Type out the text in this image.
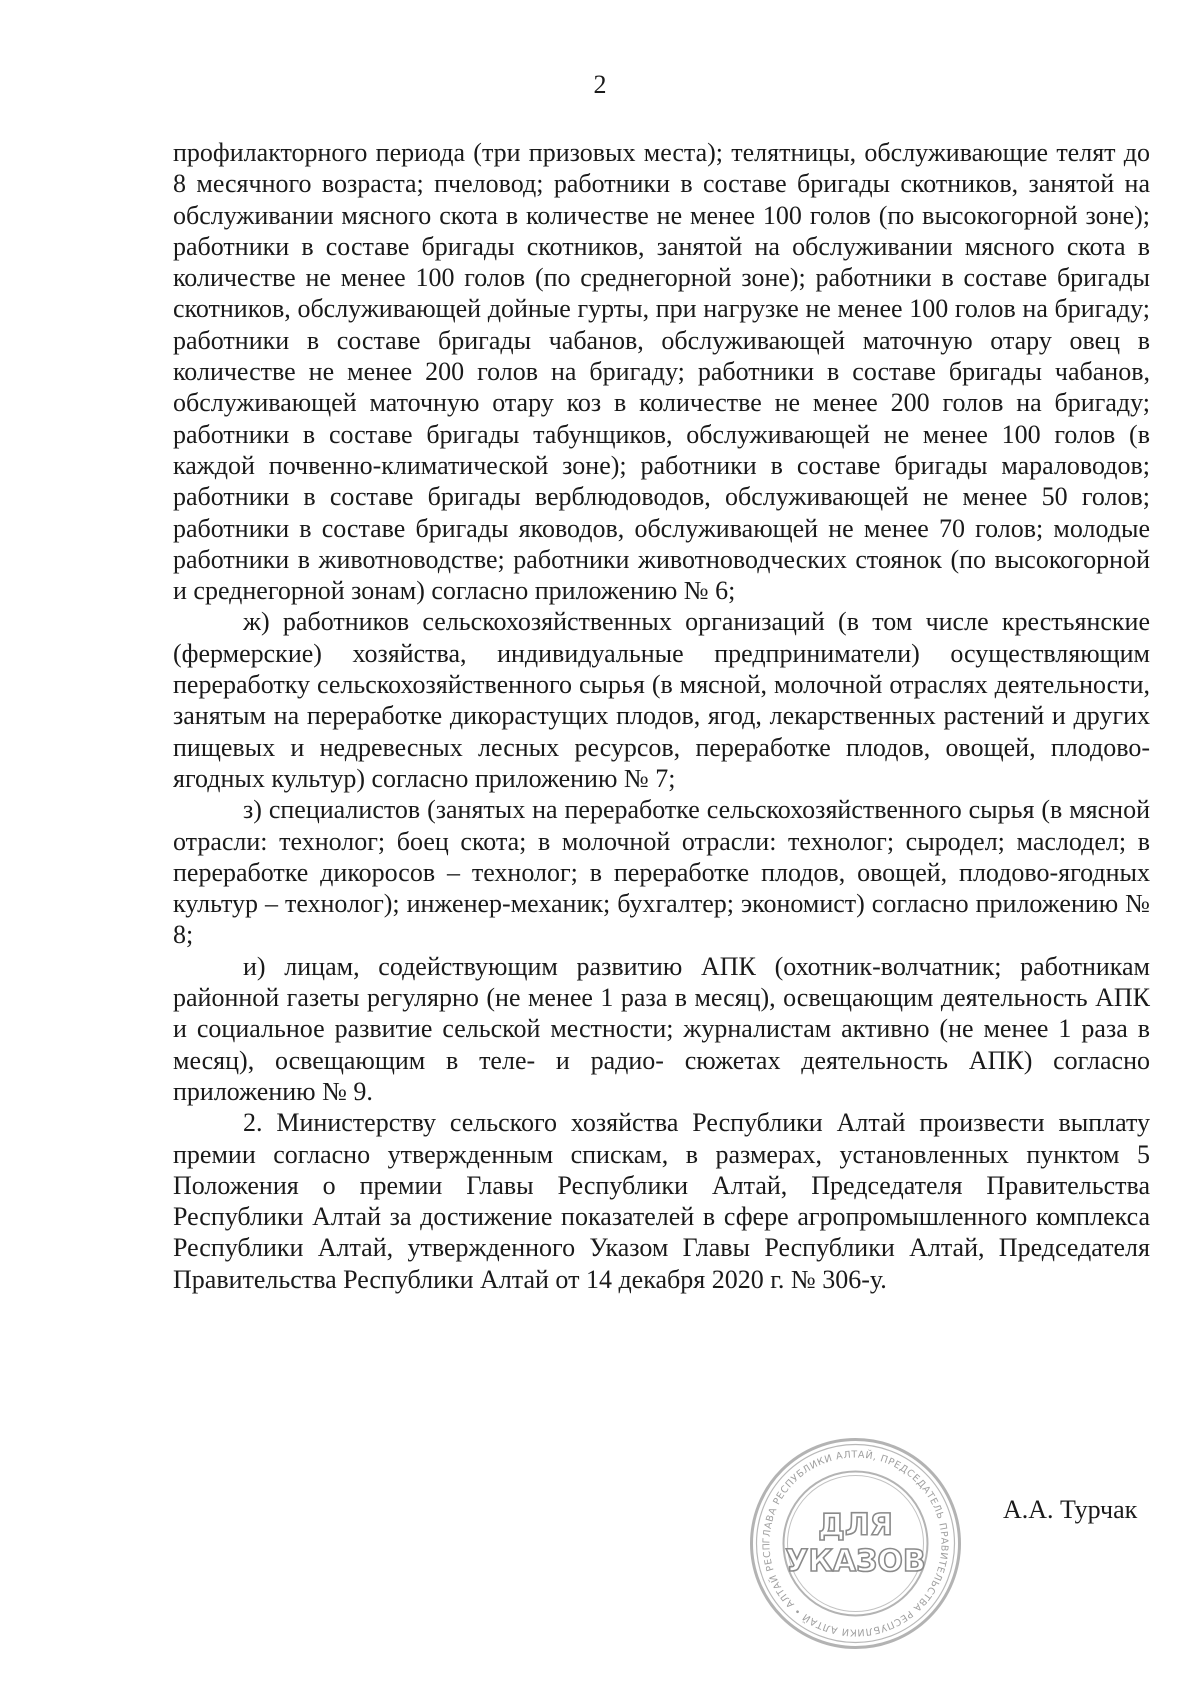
2

профилакторного периода (три призовых места); телятницы, обслуживающие телят до 8 месячного возраста; пчеловод; работники в составе бригады скотников, занятой на обслуживании мясного скота в количестве не менее 100 голов (по высокогорной зоне); работники в составе бригады скотников, занятой на обслуживании мясного скота в количестве не менее 100 голов (по среднегорной зоне); работники в составе бригады скотников, обслуживающей дойные гурты, при нагрузке не менее 100 голов на бригаду; работники в составе бригады чабанов, обслуживающей маточную отару овец в количестве не менее 200 голов на бригаду; работники в составе бригады чабанов, обслуживающей маточную отару коз в количестве не менее 200 голов на бригаду; работники в составе бригады табунщиков, обслуживающей не менее 100 голов (в каждой почвенно-климатической зоне); работники в составе бригады мараловодов; работники в составе бригады верблюдоводов, обслуживающей не менее 50 голов; работники в составе бригады яководов, обслуживающей не менее 70 голов; молодые работники в животноводстве; работники животноводческих стоянок (по высокогорной и среднегорной зонам) согласно приложению № 6;

ж) работников сельскохозяйственных организаций (в том числе крестьянские (фермерские) хозяйства, индивидуальные предприниматели) осуществляющим переработку сельскохозяйственного сырья (в мясной, молочной отраслях деятельности, занятым на переработке дикорастущих плодов, ягод, лекарственных растений и других пищевых и недревесных лесных ресурсов, переработке плодов, овощей, плодово-ягодных культур) согласно приложению № 7;

з) специалистов (занятых на переработке сельскохозяйственного сырья (в мясной отрасли: технолог; боец скота; в молочной отрасли: технолог; сыродел; маслодел; в переработке дикоросов – технолог; в переработке плодов, овощей, плодово-ягодных культур – технолог); инженер-механик; бухгалтер; экономист) согласно приложению № 8;

и) лицам, содействующим развитию АПК (охотник-волчатник; работникам районной газеты регулярно (не менее 1 раза в месяц), освещающим деятельность АПК и социальное развитие сельской местности; журналистам активно (не менее 1 раза в месяц), освещающим в теле- и радио- сюжетах деятельность АПК) согласно приложению № 9.

2. Министерству сельского хозяйства Республики Алтай произвести выплату премии согласно утвержденным спискам, в размерах, установленных пунктом 5 Положения о премии Главы Республики Алтай, Председателя Правительства Республики Алтай за достижение показателей в сфере агропромышленного комплекса Республики Алтай, утвержденного Указом Главы Республики Алтай, Председателя Правительства Республики Алтай от 14 декабря 2020 г. № 306-у.

ГЛАВА РЕСПУБЛИКИ АЛТАЙ, ПРЕДСЕДАТЕЛЬ ПРАВИТЕЛЬСТВА РЕСПУБЛИКИ АЛТАЙ • АЛТАЙ РЕСП
ДЛЯ
УКАЗОВ
А.А. Турчак
